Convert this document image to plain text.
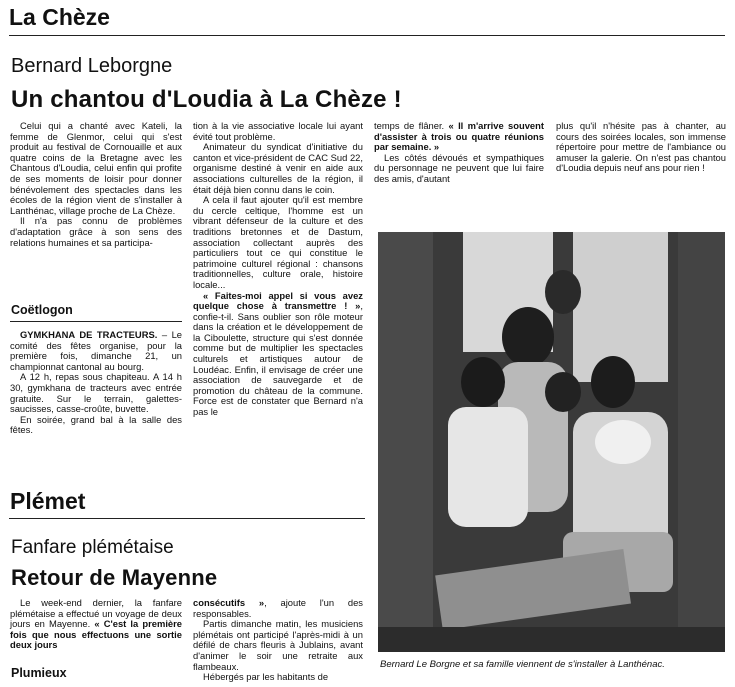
La Chèze
Bernard Leborgne
Un chantou d'Loudia à La Chèze !

Celui qui a chanté avec Kateli, la femme de Glenmor, celui qui s'est produit au festival de Cornouaille et aux quatre coins de la Bretagne avec les Chantous d'Loudia, celui enfin qui profite de ses moments de loisir pour donner bénévolement des spectacles dans les écoles de la région vient de s'installer à Lanthénac, village proche de La Chèze.

Il n'a pas connu de problèmes d'adaptation grâce à son sens des relations humaines et sa participa-

tion à la vie associative locale lui ayant évité tout problème.

Animateur du syndicat d'initiative du canton et vice-président de CAC Sud 22, organisme destiné à venir en aide aux associations culturelles de la région, il était déjà bien connu dans le coin.

A cela il faut ajouter qu'il est membre du cercle celtique, l'homme est un vibrant défenseur de la culture et des traditions bretonnes et de Dastum, association collectant auprès des particuliers tout ce qui constitue le patrimoine culturel régional : chansons traditionnelles, culture orale, histoire locale...

« Faites-moi appel si vous avez quelque chose à transmettre ! », confie-t-il. Sans oublier son rôle moteur dans la création et le développement de la Ciboulette, structure qui s'est donnée comme but de multiplier les spectacles culturels et artistiques autour de Loudéac. Enfin, il envisage de créer une association de sauvegarde et de promotion du château de la commune. Force est de constater que Bernard n'a pas le

temps de flâner. « Il m'arrive souvent d'assister à trois ou quatre réunions par semaine. »

Les côtés dévoués et sympathiques du personnage ne peuvent que lui faire des amis, d'autant

plus qu'il n'hésite pas à chanter, au cours des soirées locales, son immense répertoire pour mettre de l'ambiance ou amuser la galerie. On n'est pas chantou d'Loudia depuis neuf ans pour rien !

Bernard Le Borgne et sa famille viennent de s'installer à Lanthénac.
Coëtlogon

GYMKHANA DE TRACTEURS. – Le comité des fêtes organise, pour la première fois, dimanche 21, un championnat cantonal au bourg.

A 12 h, repas sous chapiteau. A 14 h 30, gymkhana de tracteurs avec entrée gratuite. Sur le terrain, galettes-saucisses, casse-croûte, buvette.

En soirée, grand bal à la salle des fêtes.

Plémet
Fanfare plémétaise
Retour de Mayenne

Le week-end dernier, la fanfare plémétaise a effectué un voyage de deux jours en Mayenne. « C'est la première fois que nous effectuons une sortie deux jours

consécutifs », ajoute l'un des responsables.

Partis dimanche matin, les musiciens plémétais ont participé l'après-midi à un défilé de chars fleuris à Jublains, avant d'animer le soir une retraite aux flambeaux.

Hébergés par les habitants de

Plumieux
